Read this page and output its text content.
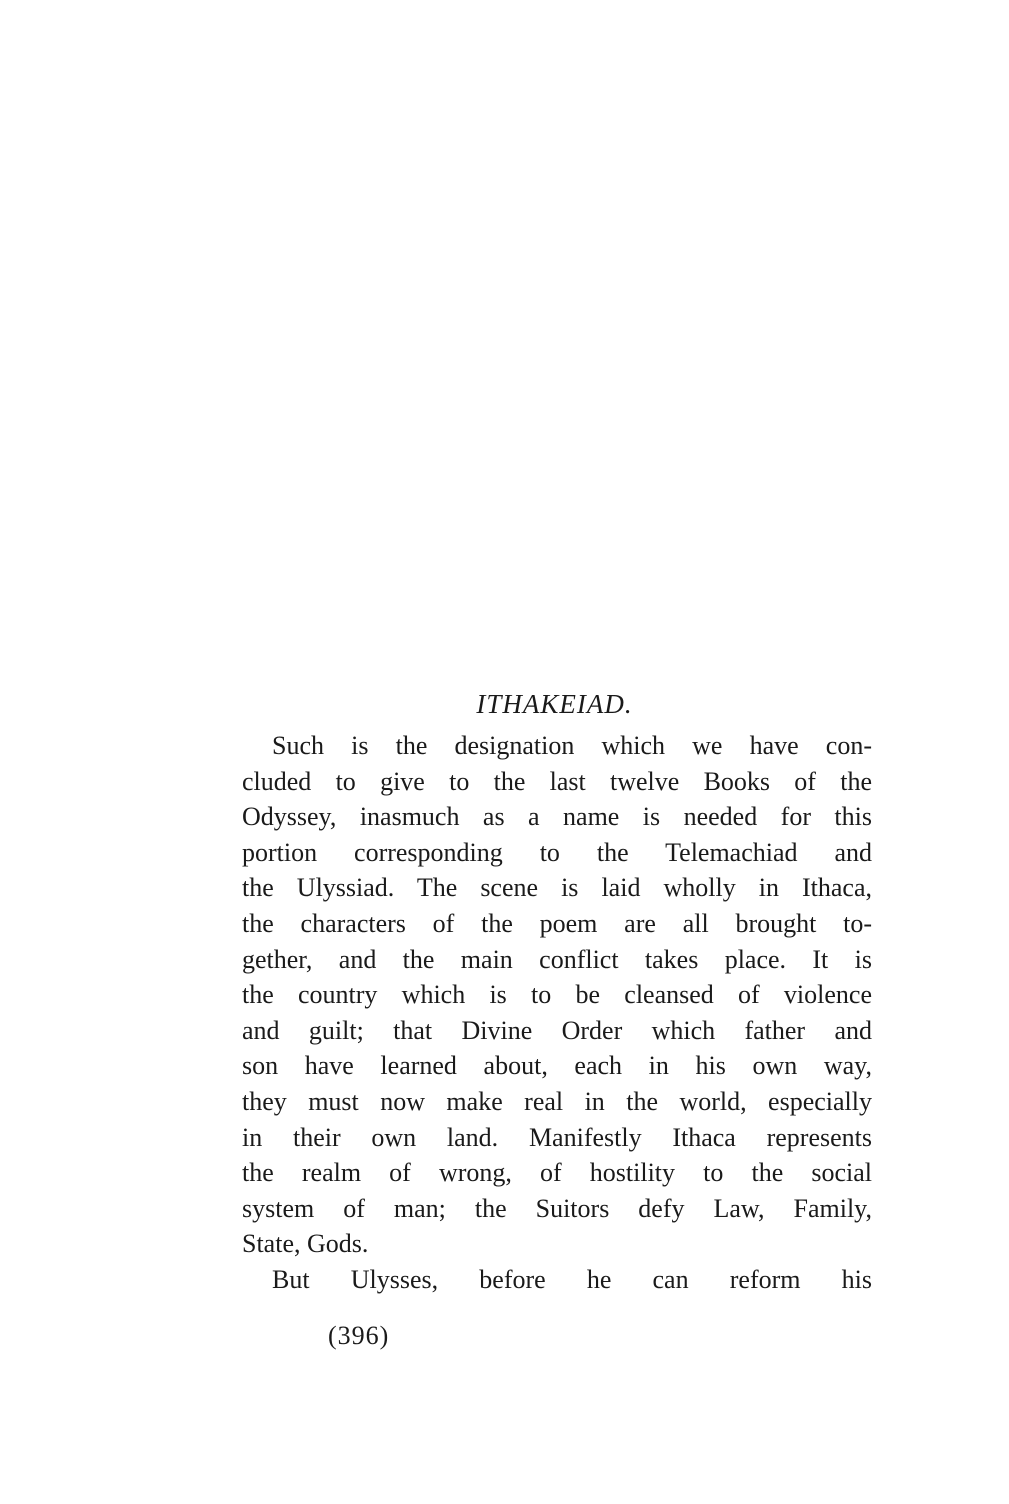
ITHAKEIAD.
Such is the designation which we have con-
cluded to give to the last twelve Books of the
Odyssey, inasmuch as a name is needed for this
portion corresponding to the Telemachiad and
the Ulyssiad. The scene is laid wholly in Ithaca,
the characters of the poem are all brought to-
gether, and the main conflict takes place. It is
the country which is to be cleansed of violence
and guilt; that Divine Order which father and
son have learned about, each in his own way,
they must now make real in the world, especially
in their own land. Manifestly Ithaca represents
the realm of wrong, of hostility to the social
system of man; the Suitors defy Law, Family,
State, Gods.
But Ulysses, before he can reform his
(396)
